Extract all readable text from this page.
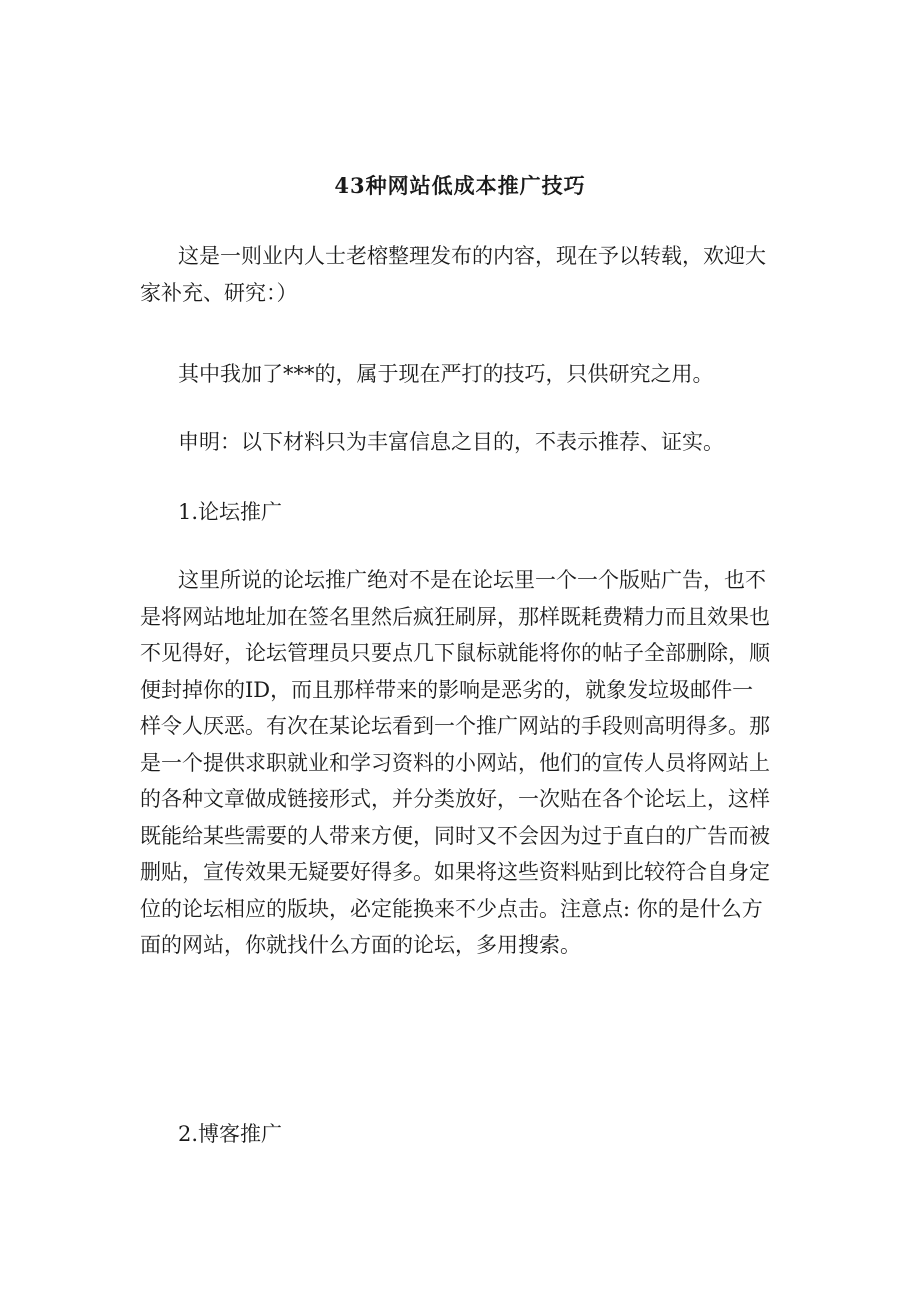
43种网站低成本推广技巧
这是一则业内人士老榕整理发布的内容，现在予以转载，欢迎大
家补充、研究：）
其中我加了***的，属于现在严打的技巧，只供研究之用。
申明：以下材料只为丰富信息之目的，不表示推荐、证实。
1.论坛推广
这里所说的论坛推广绝对不是在论坛里一个一个版贴广告，也不
是将网站地址加在签名里然后疯狂刷屏，那样既耗费精力而且效果也
不见得好，论坛管理员只要点几下鼠标就能将你的帖子全部删除，顺
便封掉你的ID，而且那样带来的影响是恶劣的，就象发垃圾邮件一
样令人厌恶。有次在某论坛看到一个推广网站的手段则高明得多。那
是一个提供求职就业和学习资料的小网站，他们的宣传人员将网站上
的各种文章做成链接形式，并分类放好，一次贴在各个论坛上，这样
既能给某些需要的人带来方便，同时又不会因为过于直白的广告而被
删贴，宣传效果无疑要好得多。如果将这些资料贴到比较符合自身定
位的论坛相应的版块，必定能换来不少点击。注意点: 你的是什么方
面的网站，你就找什么方面的论坛，多用搜索。
2.博客推广
